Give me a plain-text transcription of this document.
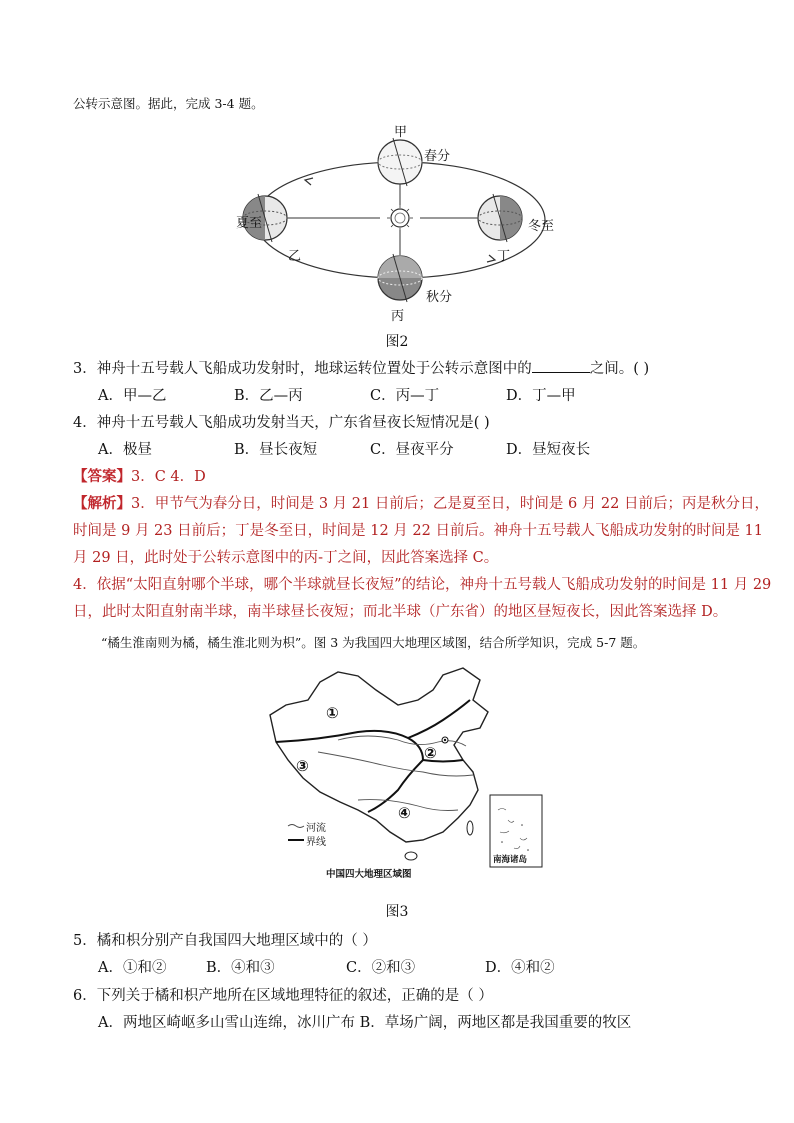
公转示意图。据此，完成 3-4 题。
甲
春分
夏至
乙
冬至
丁
秋分
丙
图2
3．神舟十五号载人飞船成功发射时，地球运转位置处于公转示意图中的	之间。( )
A．甲—乙	B．乙—丙	C．丙—丁	D．丁—甲
4．神舟十五号载人飞船成功发射当天，广东省昼夜长短情况是( )
A．极昼	B．昼长夜短	C．昼夜平分	D．昼短夜长
【答案】3．C 4．D
【解析】3．甲节气为春分日，时间是 3 月 21 日前后；乙是夏至日，时间是 6 月 22 日前后；丙是秋分日，
时间是 9 月 23 日前后；丁是冬至日，时间是 12 月 22 日前后。神舟十五号载人飞船成功发射的时间是 11
月 29 日，此时处于公转示意图中的丙-丁之间，因此答案选择 C。
4．依据“太阳直射哪个半球，哪个半球就昼长夜短”的结论，神舟十五号载人飞船成功发射的时间是 11 月 29
日，此时太阳直射南半球，南半球昼长夜短；而北半球（广东省）的地区昼短夜长，因此答案选择 D。
“橘生淮南则为橘，橘生淮北则为枳”。图 3 为我国四大地理区域图，结合所学知识，完成 5-7 题。
①
②
③
④
河流
界线
南海诸岛
中国四大地理区域图
图3
5．橘和枳分别产自我国四大地理区域中的（ ）
A．①和②	B．④和③	C．②和③	D．④和②
6．下列关于橘和枳产地所在区域地理特征的叙述，正确的是（ ）
A．两地区崎岖多山雪山连绵，冰川广布 B．草场广阔，两地区都是我国重要的牧区
